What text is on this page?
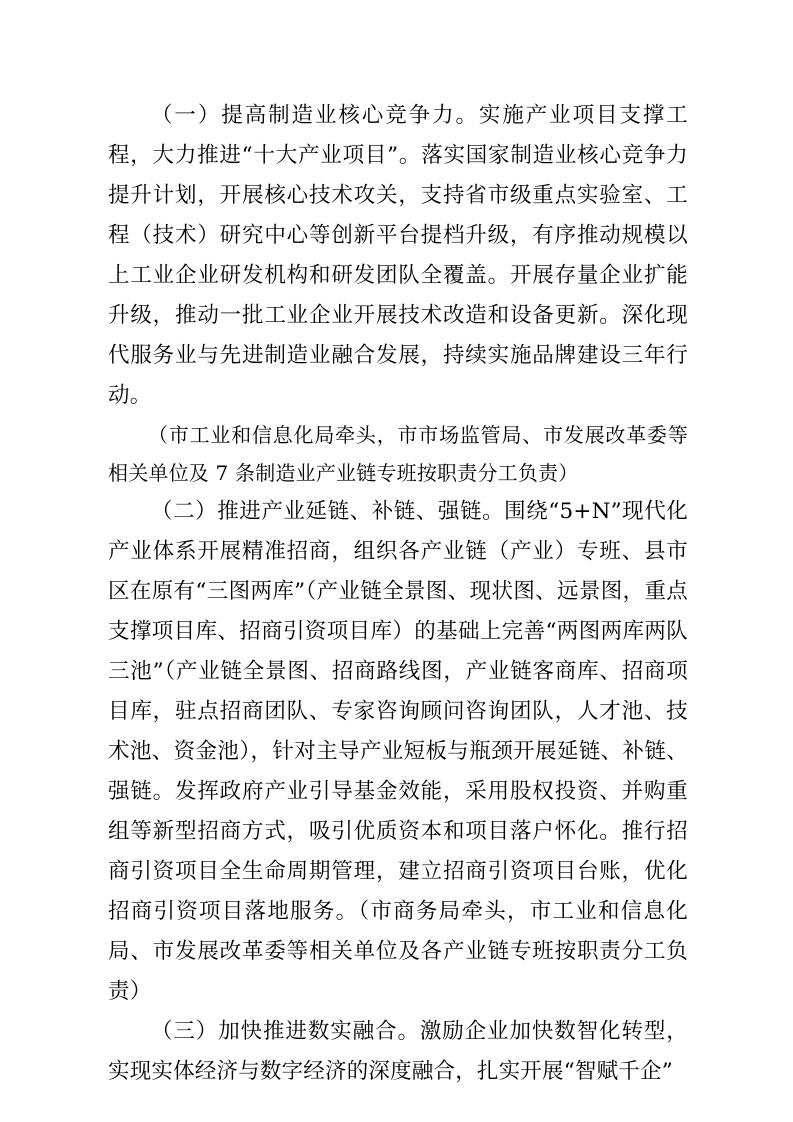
（一）提高制造业核心竞争力。实施产业项目支撑工程，大力推进“十大产业项目”。落实国家制造业核心竞争力提升计划，开展核心技术攻关，支持省市级重点实验室、工程（技术）研究中心等创新平台提档升级，有序推动规模以上工业企业研发机构和研发团队全覆盖。开展存量企业扩能升级，推动一批工业企业开展技术改造和设备更新。深化现代服务业与先进制造业融合发展，持续实施品牌建设三年行动。

（市工业和信息化局牵头，市市场监管局、市发展改革委等相关单位及 7 条制造业产业链专班按职责分工负责）

（二）推进产业延链、补链、强链。围绕“5+N”现代化产业体系开展精准招商，组织各产业链（产业）专班、县市区在原有“三图两库”（产业链全景图、现状图、远景图，重点支撑项目库、招商引资项目库）的基础上完善“两图两库两队三池”（产业链全景图、招商路线图，产业链客商库、招商项目库，驻点招商团队、专家咨询顾问咨询团队，人才池、技术池、资金池），针对主导产业短板与瓶颈开展延链、补链、强链。发挥政府产业引导基金效能，采用股权投资、并购重组等新型招商方式，吸引优质资本和项目落户怀化。推行招商引资项目全生命周期管理，建立招商引资项目台账，优化招商引资项目落地服务。（市商务局牵头，市工业和信息化局、市发展改革委等相关单位及各产业链专班按职责分工负责）

（三）加快推进数实融合。激励企业加快数智化转型，实现实体经济与数字经济的深度融合，扎实开展“智赋千企”
